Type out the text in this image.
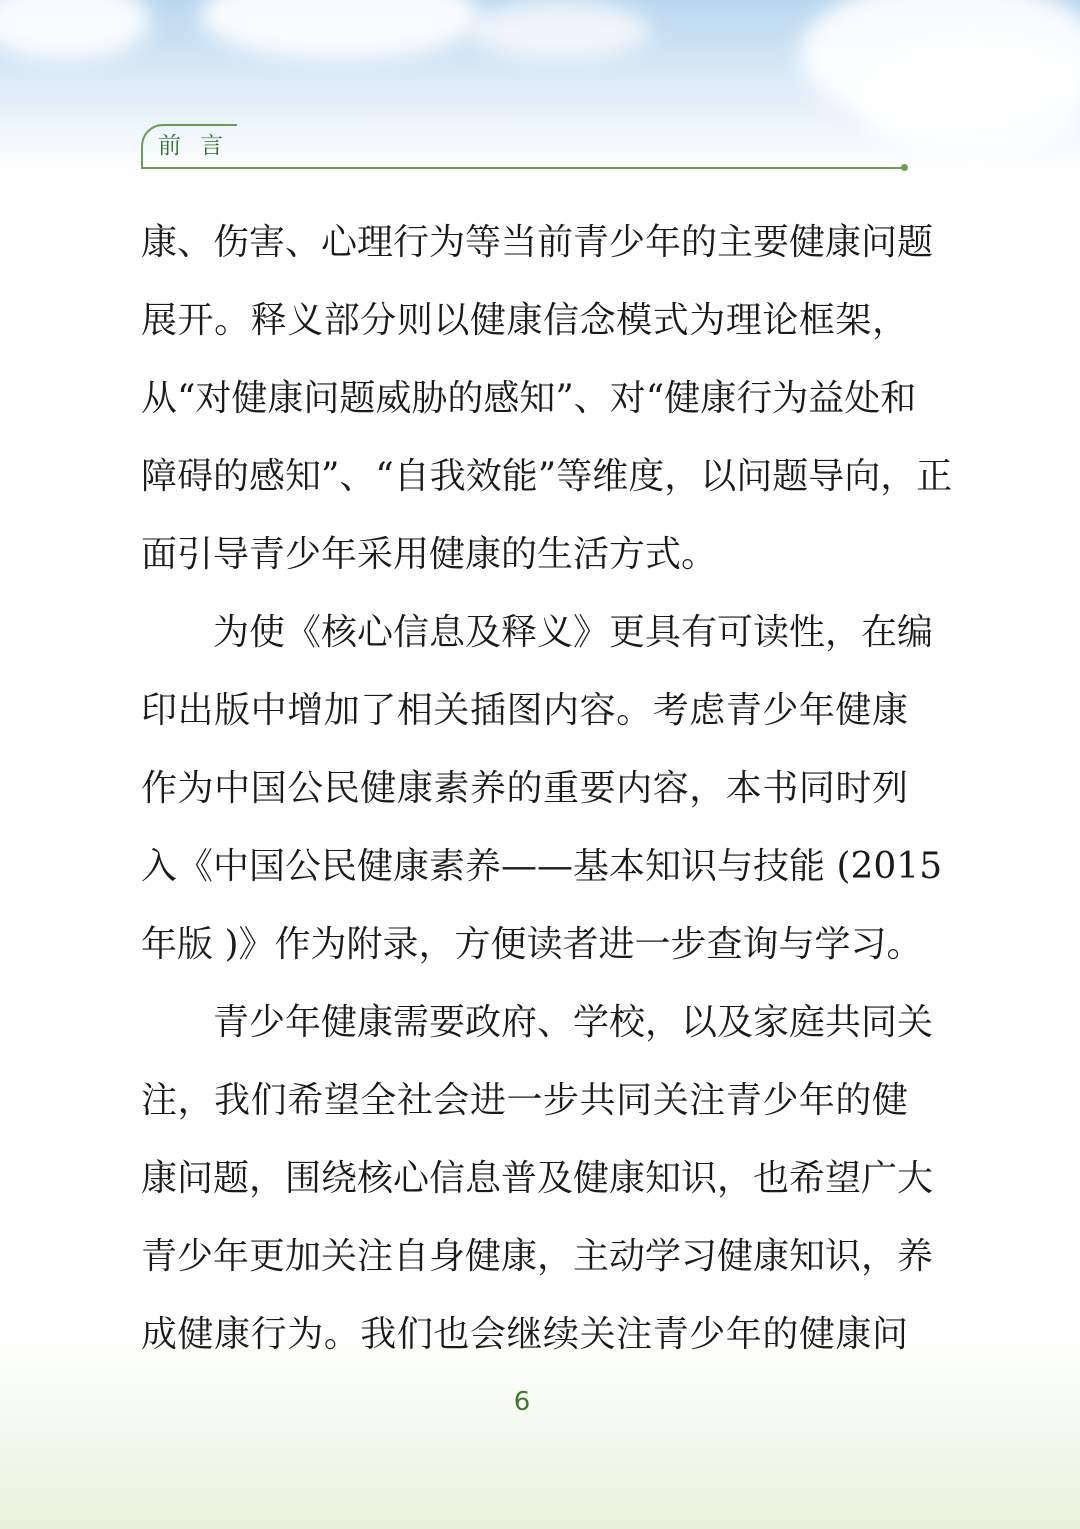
前言
康、伤害、心理行为等当前青少年的主要健康问题
展开。释义部分则以健康信念模式为理论框架，
从“对健康问题威胁的感知”、对“健康行为益处和
障碍的感知”、“自我效能”等维度，以问题导向，正
面引导青少年采用健康的生活方式。
为使《核心信息及释义》更具有可读性，在编
印出版中增加了相关插图内容。考虑青少年健康
作为中国公民健康素养的重要内容，本书同时列
入《中国公民健康素养——基本知识与技能 (2015
年版 )》作为附录，方便读者进一步查询与学习。
青少年健康需要政府、学校，以及家庭共同关
注，我们希望全社会进一步共同关注青少年的健
康问题，围绕核心信息普及健康知识，也希望广大
青少年更加关注自身健康，主动学习健康知识，养
成健康行为。我们也会继续关注青少年的健康问
6
